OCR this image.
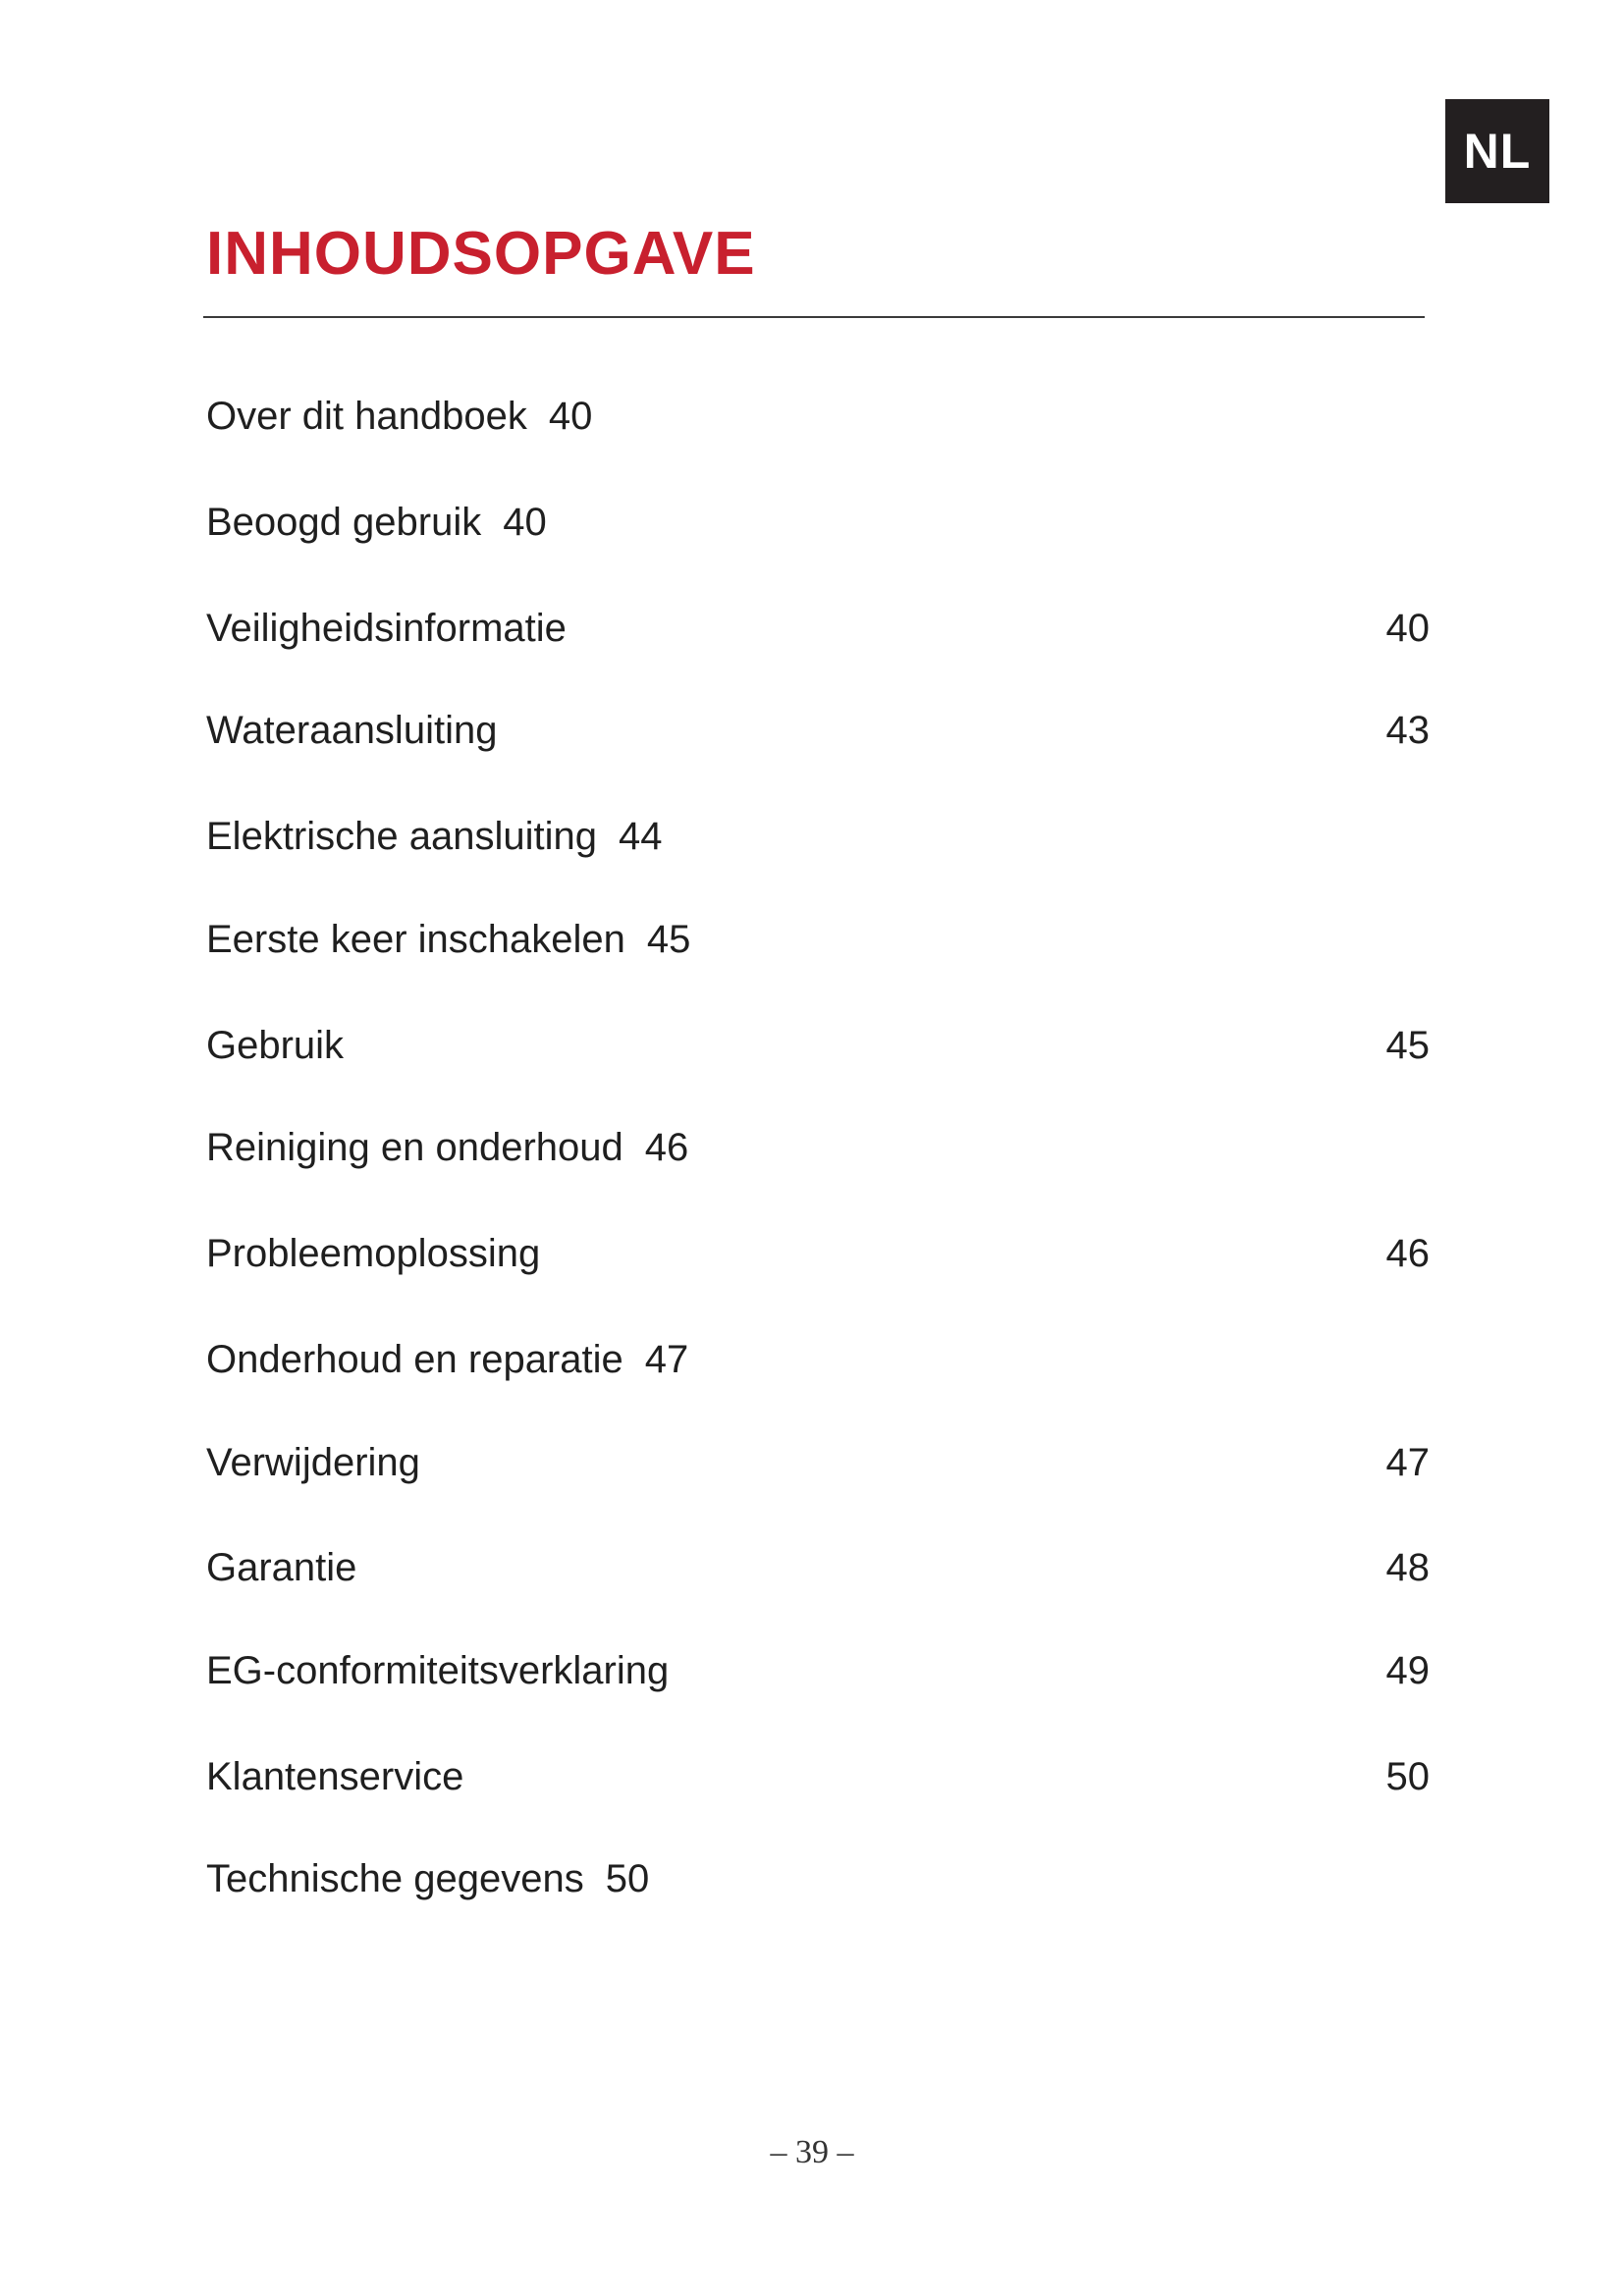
NL
INHOUDSOPGAVE
Over dit handboek 40
Beoogd gebruik 40
Veiligheidsinformatie	40
Wateraansluiting	43
Elektrische aansluiting 44
Eerste keer inschakelen 45
Gebruik	45
Reiniging en onderhoud 46
Probleemoplossing	46
Onderhoud en reparatie 47
Verwijdering	47
Garantie	48
EG-conformiteitsverklaring	49
Klantenservice	50
Technische gegevens 50
– 39 –
